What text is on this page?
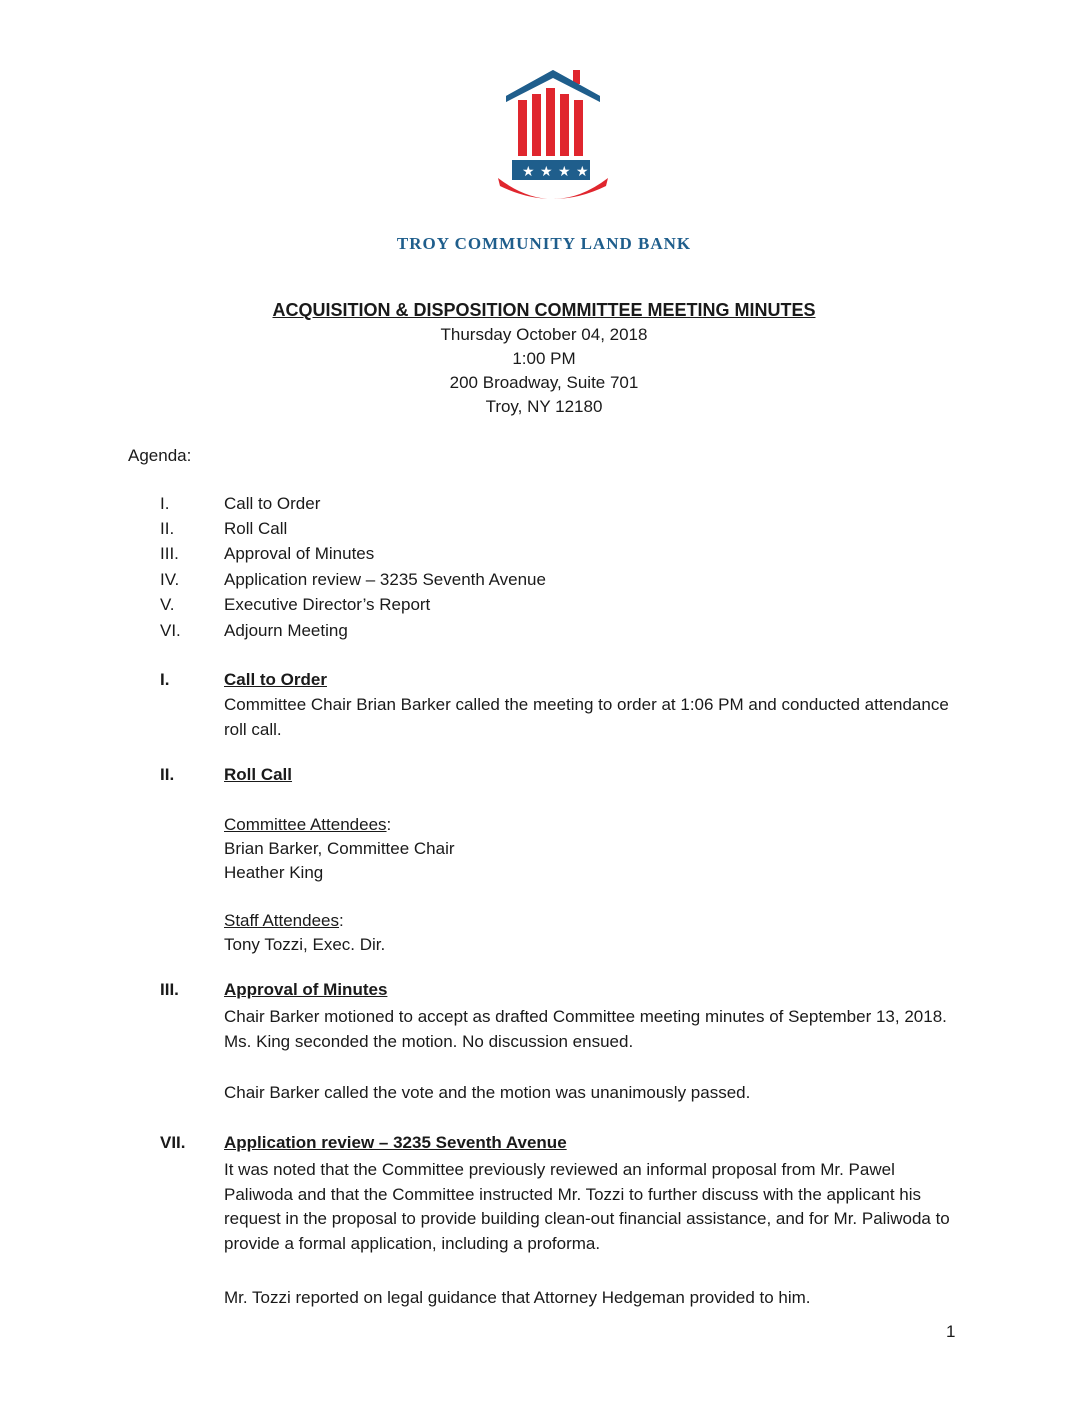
★ ★ ★ ★
TROY COMMUNITY LAND BANK
ACQUISITION & DISPOSITION COMMITTEE MEETING MINUTES
Thursday October 04, 2018
1:00 PM
200 Broadway, Suite 701
Troy, NY 12180
Agenda:
I.	Call to Order
II.	Roll Call
III.	Approval of Minutes
IV.	Application review – 3235 Seventh Avenue
V.	Executive Director’s Report
VI.	Adjourn Meeting
I.	Call to Order
Committee Chair Brian Barker called the meeting to order at 1:06 PM and conducted attendance roll call.
II.	Roll Call
Committee Attendees:
Brian Barker, Committee Chair
Heather King
Staff Attendees:
Tony Tozzi, Exec. Dir.
III.	Approval of Minutes
Chair Barker motioned to accept as drafted Committee meeting minutes of September 13, 2018. Ms. King seconded the motion. No discussion ensued.
Chair Barker called the vote and the motion was unanimously passed.
VII. Application review – 3235 Seventh Avenue
It was noted that the Committee previously reviewed an informal proposal from Mr. Pawel Paliwoda and that the Committee instructed Mr. Tozzi to further discuss with the applicant his request in the proposal to provide building clean-out financial assistance, and for Mr. Paliwoda to provide a formal application, including a proforma.
Mr. Tozzi reported on legal guidance that Attorney Hedgeman provided to him.
1
